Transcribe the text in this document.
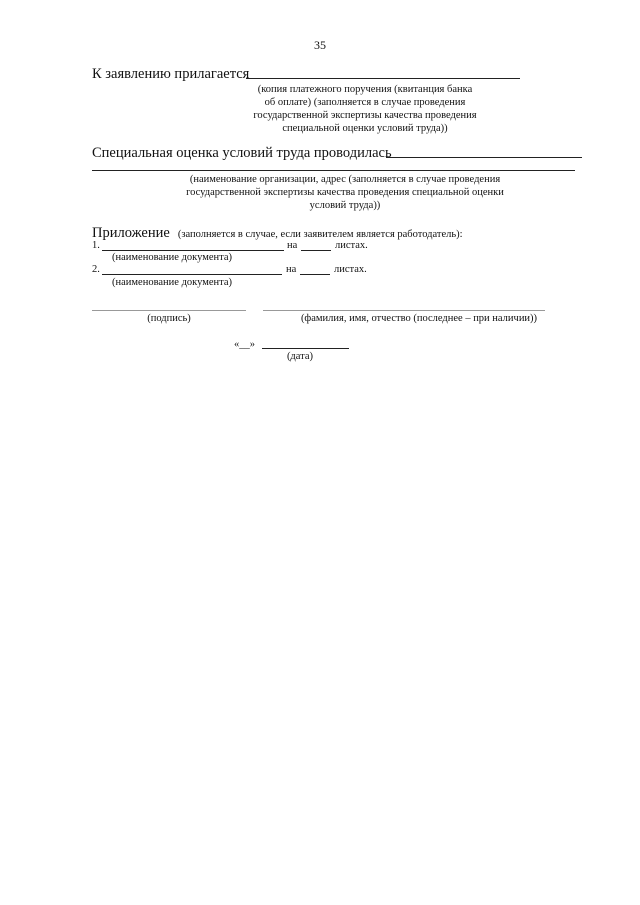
35
К заявлению прилагается
(копия платежного поручения (квитанция банка
об оплате) (заполняется в случае проведения
государственной экспертизы качества проведения
специальной оценки условий труда))
Специальная оценка условий труда проводилась
(наименование организации, адрес (заполняется в случае проведения
государственной экспертизы качества проведения специальной оценки
условий труда))
Приложение (заполняется в случае, если заявителем является работодатель):
1.	на	листах.
(наименование документа)
2.	на	листах.
(наименование документа)
(подпись)	(фамилия, имя, отчество (последнее – при наличии))
«__»
(дата)
